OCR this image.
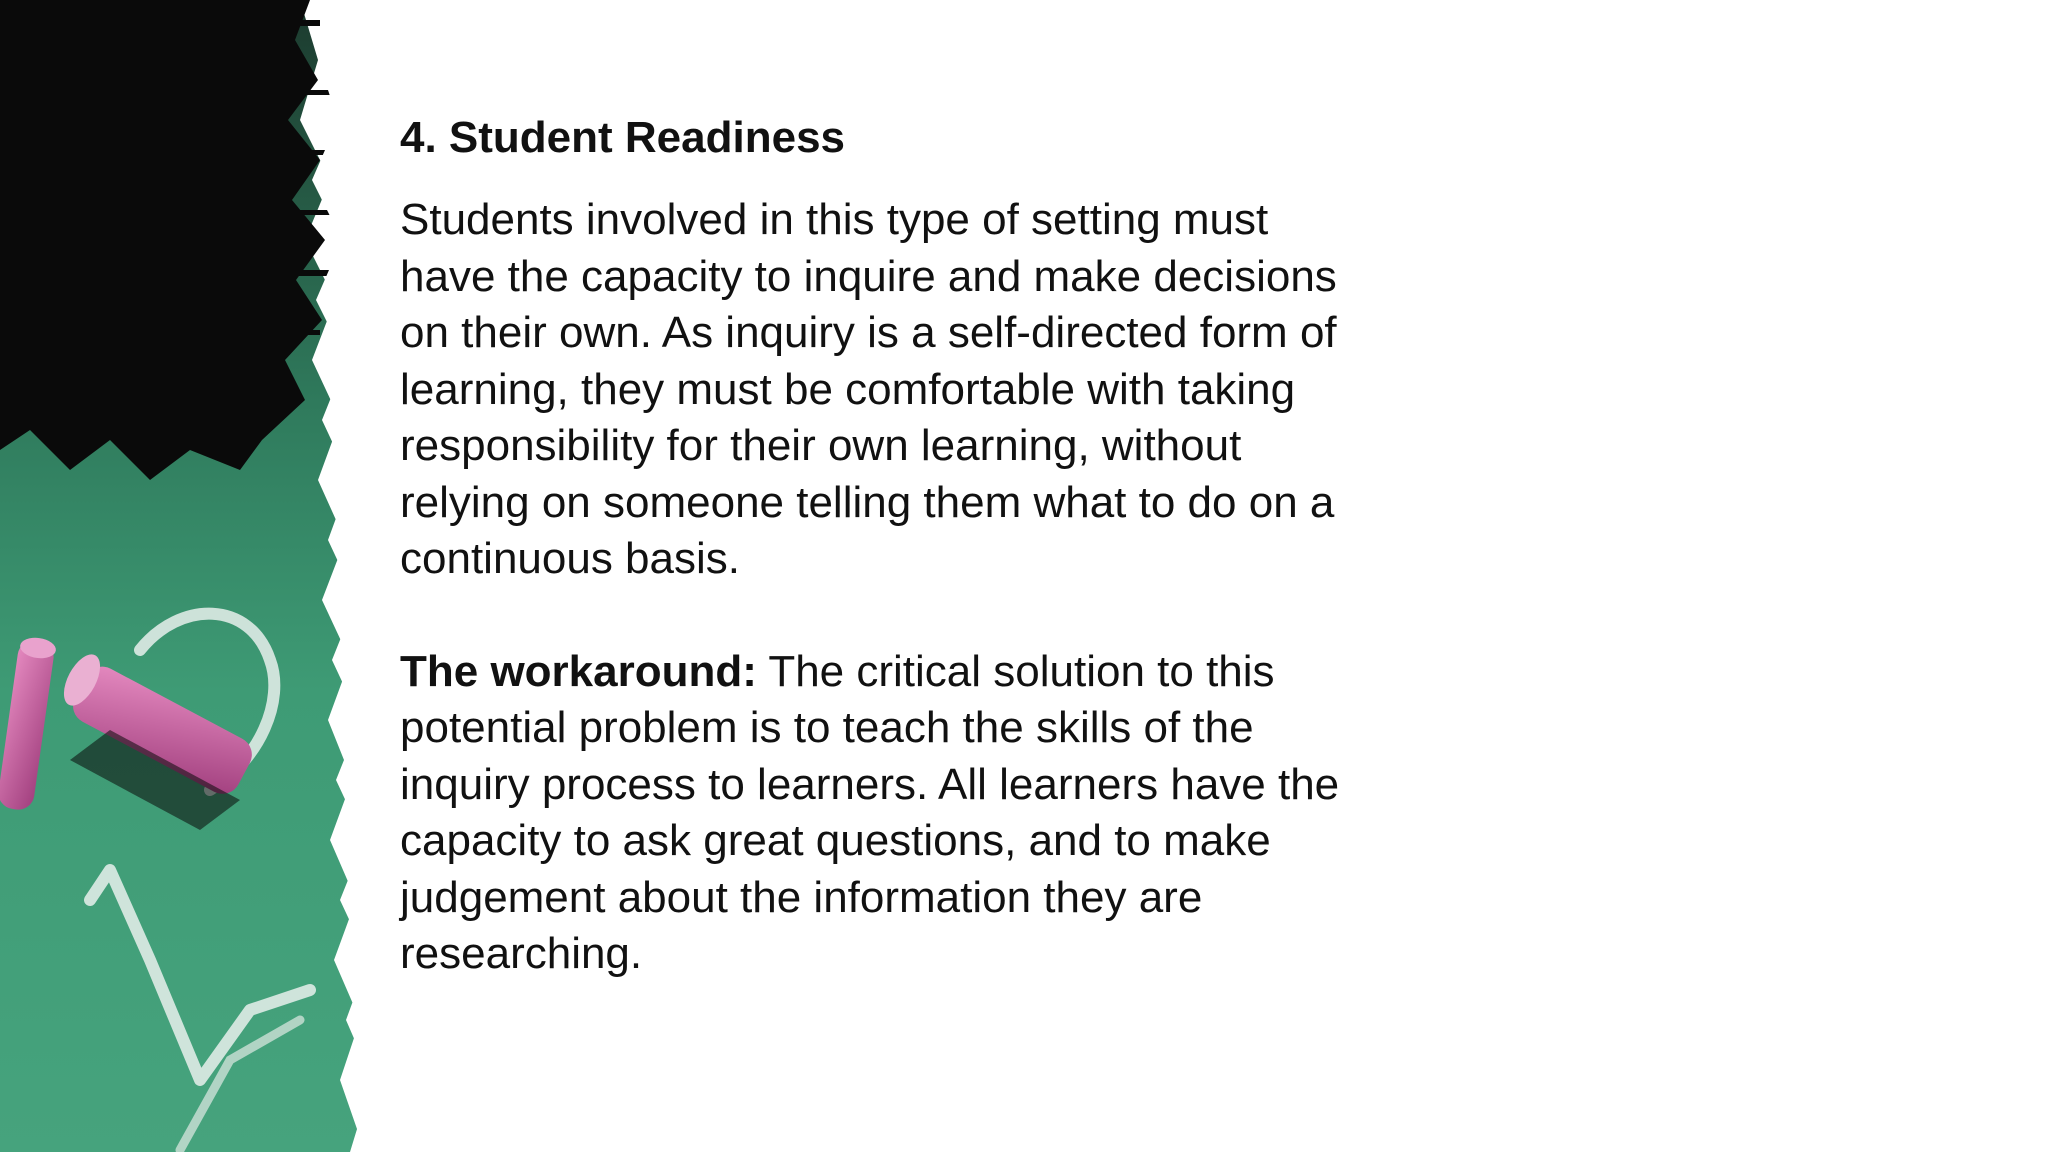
4. Student Readiness

Students involved in this type of setting must have the capacity to inquire and make decisions on their own. As inquiry is a self-directed form of learning, they must be comfortable with taking responsibility for their own learning, without relying on someone telling them what to do on a continuous basis.

The workaround: The critical solution to this potential problem is to teach the skills of the inquiry process to learners. All learners have the capacity to ask great questions, and to make judgement about the information they are researching.
